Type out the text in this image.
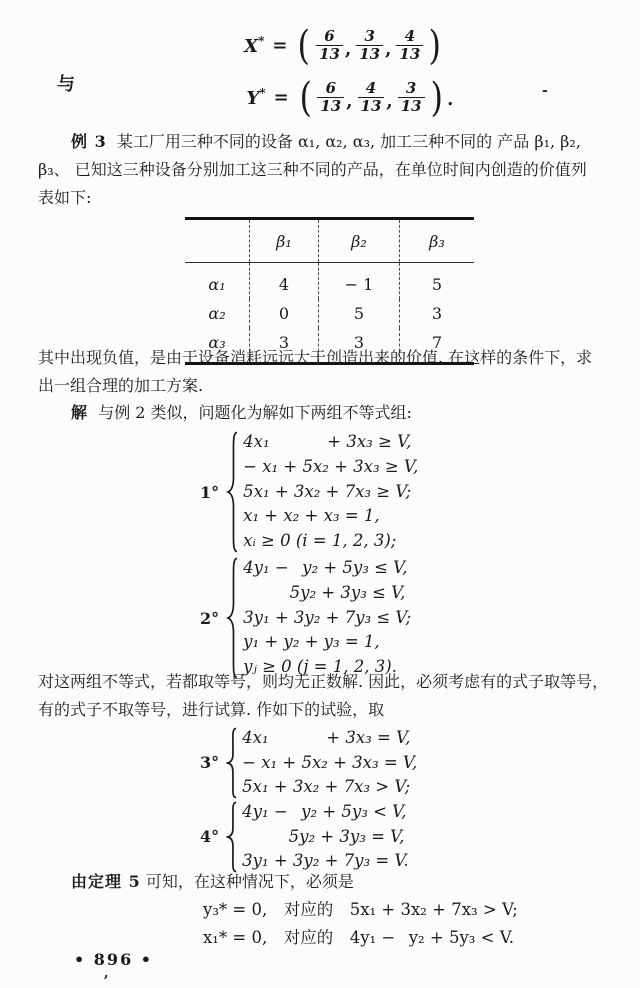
X* = ( $\frac{6}{13}$ , $\frac{3}{13}$ , $\frac{4}{13}$ )
与	-
Y* = ( $\frac{6}{13}$ , $\frac{4}{13}$ , $\frac{3}{13}$ ) .
例 3 某工厂用三种不同的设备 α₁, α₂, α₃, 加工三种不同的 产品 β₁, β₂,
β₃、 已知这三种设备分别加工这三种不同的产品，在单位时间内创造的价值列
表如下:
	β₁	β₂	β₃
α₁	4	− 1	5
α₂	0	5	3
α₃	3	3	7
其中出现负值，是由于设备消耗远远大于创造出来的价值. 在这样的条件下，求
出一组合理的加工方案.
解 与例 2 类似，问题化为解如下两组不等式组:
1°
4x₁    + 3x₃ ≥ V,
− x₁ + 5x₂ + 3x₃ ≥ V,
5x₁ + 3x₂ + 7x₃ ≥ V;
x₁ + x₂ + x₃ = 1,
xᵢ ≥ 0 (i = 1, 2, 3);
2°
4y₁ −  y₂ + 5y₃ ≤ V,
    5y₂ + 3y₃ ≤ V,
3y₁ + 3y₂ + 7y₃ ≤ V;
y₁ + y₂ + y₃ = 1,
yⱼ ≥ 0 (j = 1, 2, 3).
对这两组不等式，若都取等号，则均无正数解. 因此，必须考虑有的式子取等号，
有的式子不取等号，进行试算. 作如下的试验，取
3°
4x₁    + 3x₃ = V,
− x₁ + 5x₂ + 3x₃ = V,
5x₁ + 3x₂ + 7x₃ > V;
4°
4y₁ −  y₂ + 5y₃ < V,
    5y₂ + 3y₃ = V,
3y₁ + 3y₂ + 7y₃ = V.
由定理 5 可知，在这种情况下，必须是
y₃* = 0, 对应的 5x₁ + 3x₂ + 7x₃ > V;
x₁* = 0, 对应的 4y₁ −  y₂ + 5y₃ < V.
• 896 •
,
